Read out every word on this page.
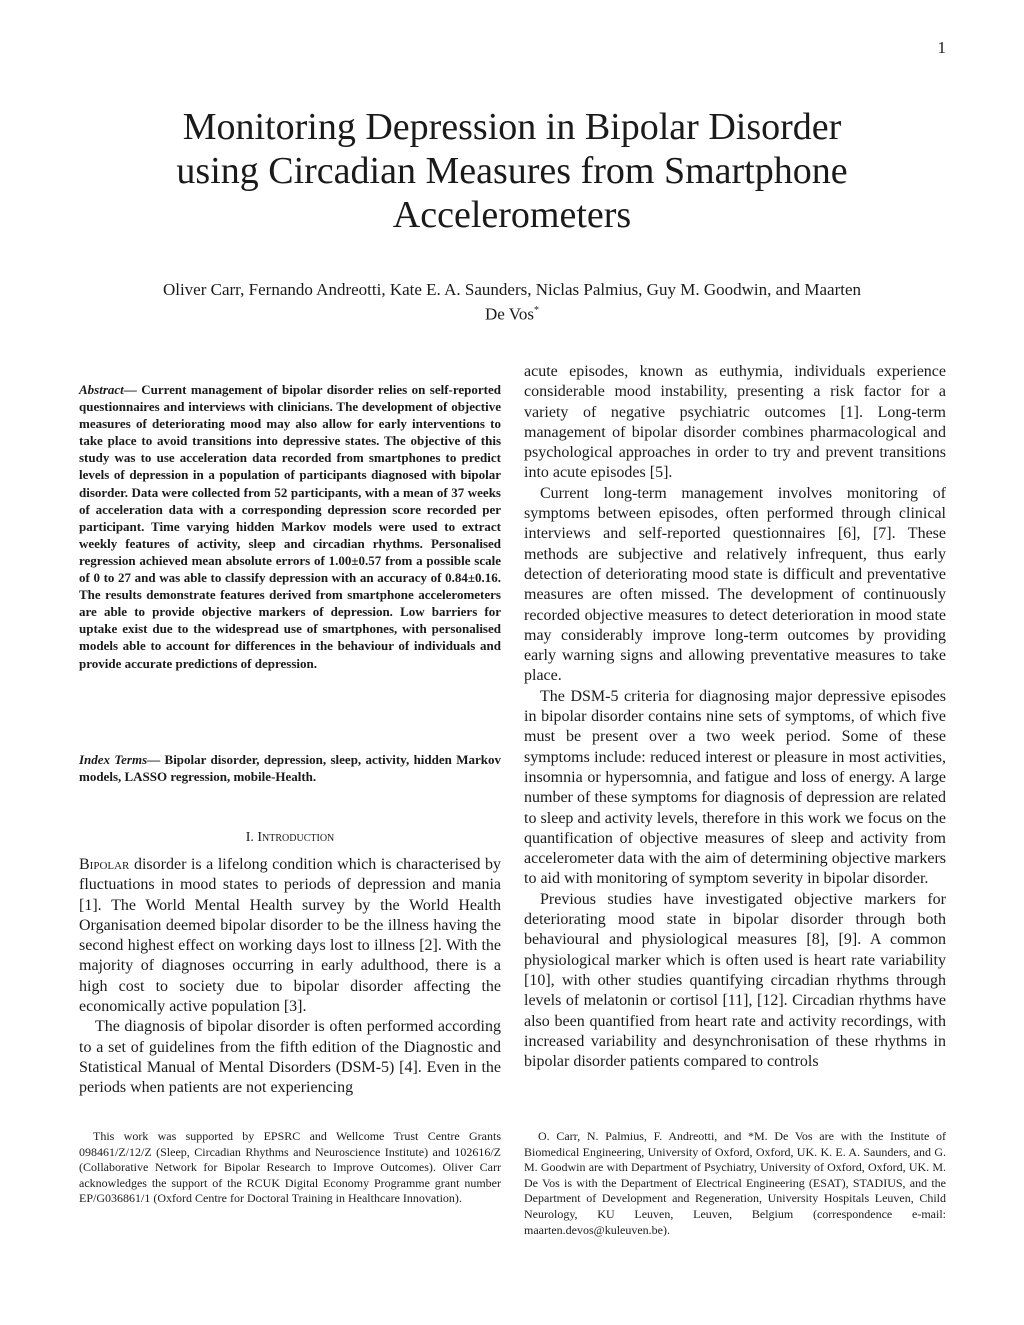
1
Monitoring Depression in Bipolar Disorder
using Circadian Measures from Smartphone
Accelerometers
Oliver Carr, Fernando Andreotti, Kate E. A. Saunders, Niclas Palmius, Guy M. Goodwin, and Maarten
De Vos*
Abstract— Current management of bipolar disorder relies on self-reported questionnaires and interviews with clinicians. The development of objective measures of deteriorating mood may also allow for early interventions to take place to avoid transitions into depressive states. The objective of this study was to use acceleration data recorded from smartphones to predict levels of depression in a population of participants diagnosed with bipolar disorder. Data were collected from 52 participants, with a mean of 37 weeks of acceleration data with a corresponding depression score recorded per participant. Time varying hidden Markov models were used to extract weekly features of activity, sleep and circadian rhythms. Personalised regression achieved mean absolute errors of 1.00±0.57 from a possible scale of 0 to 27 and was able to classify depression with an accuracy of 0.84±0.16. The results demonstrate features derived from smartphone accelerometers are able to provide objective markers of depression. Low barriers for uptake exist due to the widespread use of smartphones, with personalised models able to account for differences in the behaviour of individuals and provide accurate predictions of depression.
Index Terms— Bipolar disorder, depression, sleep, activity, hidden Markov models, LASSO regression, mobile-Health.
I. Introduction

Bipolar disorder is a lifelong condition which is characterised by fluctuations in mood states to periods of depression and mania [1]. The World Mental Health survey by the World Health Organisation deemed bipolar disorder to be the illness having the second highest effect on working days lost to illness [2]. With the majority of diagnoses occurring in early adulthood, there is a high cost to society due to bipolar disorder affecting the economically active population [3].

The diagnosis of bipolar disorder is often performed according to a set of guidelines from the fifth edition of the Diagnostic and Statistical Manual of Mental Disorders (DSM-5) [4]. Even in the periods when patients are not experiencing

acute episodes, known as euthymia, individuals experience considerable mood instability, presenting a risk factor for a variety of negative psychiatric outcomes [1]. Long-term management of bipolar disorder combines pharmacological and psychological approaches in order to try and prevent transitions into acute episodes [5].

Current long-term management involves monitoring of symptoms between episodes, often performed through clinical interviews and self-reported questionnaires [6], [7]. These methods are subjective and relatively infrequent, thus early detection of deteriorating mood state is difficult and preventative measures are often missed. The development of continuously recorded objective measures to detect deterioration in mood state may considerably improve long-term outcomes by providing early warning signs and allowing preventative measures to take place.

The DSM-5 criteria for diagnosing major depressive episodes in bipolar disorder contains nine sets of symptoms, of which five must be present over a two week period. Some of these symptoms include: reduced interest or pleasure in most activities, insomnia or hypersomnia, and fatigue and loss of energy. A large number of these symptoms for diagnosis of depression are related to sleep and activity levels, therefore in this work we focus on the quantification of objective measures of sleep and activity from accelerometer data with the aim of determining objective markers to aid with monitoring of symptom severity in bipolar disorder.

Previous studies have investigated objective markers for deteriorating mood state in bipolar disorder through both behavioural and physiological measures [8], [9]. A common physiological marker which is often used is heart rate variability [10], with other studies quantifying circadian rhythms through levels of melatonin or cortisol [11], [12]. Circadian rhythms have also been quantified from heart rate and activity recordings, with increased variability and desynchronisation of these rhythms in bipolar disorder patients compared to controls

This work was supported by EPSRC and Wellcome Trust Centre Grants 098461/Z/12/Z (Sleep, Circadian Rhythms and Neuroscience Institute) and 102616/Z (Collaborative Network for Bipolar Research to Improve Outcomes). Oliver Carr acknowledges the support of the RCUK Digital Economy Programme grant number EP/G036861/1 (Oxford Centre for Doctoral Training in Healthcare Innovation).

O. Carr, N. Palmius, F. Andreotti, and *M. De Vos are with the Institute of Biomedical Engineering, University of Oxford, Oxford, UK. K. E. A. Saunders, and G. M. Goodwin are with Department of Psychiatry, University of Oxford, Oxford, UK. M. De Vos is with the Department of Electrical Engineering (ESAT), STADIUS, and the Department of Development and Regeneration, University Hospitals Leuven, Child Neurology, KU Leuven, Leuven, Belgium (correspondence e-mail: maarten.devos@kuleuven.be).
